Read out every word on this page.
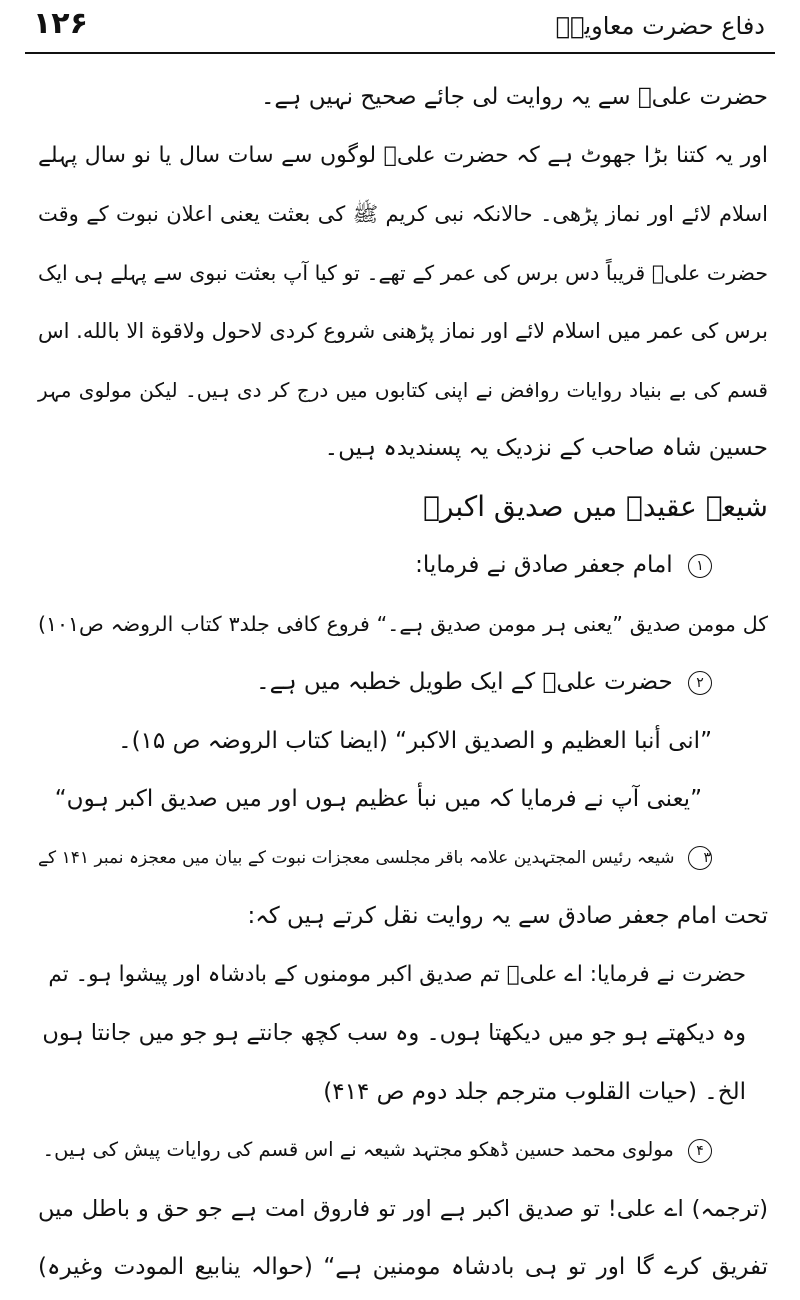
دفاع حضرت معاویہؓ
۱۲۶
حضرت علیؓ سے یہ روایت لی جائے صحیح نہیں ہے۔
اور یہ کتنا بڑا جھوٹ ہے کہ حضرت علیؓ لوگوں سے سات سال یا نو سال پہلے
اسلام لائے اور نماز پڑھی۔ حالانکہ نبی کریم ﷺ کی بعثت یعنی اعلان نبوت کے وقت
حضرت علیؓ قریباً دس برس کی عمر کے تھے۔ تو کیا آپ بعثت نبوی سے پہلے ہی ایک
برس کی عمر میں اسلام لائے اور نماز پڑھنی شروع کردی لاحول ولاقوة الا بالله. اس
قسم کی بے بنیاد روایات روافض نے اپنی کتابوں میں درج کر دی ہیں۔ لیکن مولوی مہر
حسین شاہ صاحب کے نزدیک یہ پسندیدہ ہیں۔
شیعہ عقیدہ میں صدیق اکبرؓ
۱ امام جعفر صادق نے فرمایا:
کل مومن صدیق ”یعنی ہر مومن صدیق ہے۔“ فروع کافی جلد۳ کتاب الروضہ ص۱۰۱)
۲ حضرت علیؓ کے ایک طویل خطبہ میں ہے۔
”انی أنبا العظیم و الصدیق الاکبر“ (ایضا کتاب الروضہ ص ۱۵)۔
”یعنی آپ نے فرمایا کہ میں نبأ عظیم ہوں اور میں صدیق اکبر ہوں“
۳ شیعہ رئیس المجتہدین علامہ باقر مجلسی معجزات نبوت کے بیان میں معجزہ نمبر ۱۴۱ کے
تحت امام جعفر صادق سے یہ روایت نقل کرتے ہیں کہ:
حضرت نے فرمایا: اے علیؓ تم صدیق اکبر مومنوں کے بادشاہ اور پیشوا ہو۔ تم
وہ دیکھتے ہو جو میں دیکھتا ہوں۔ وہ سب کچھ جانتے ہو جو میں جانتا ہوں
الخ۔ (حیات القلوب مترجم جلد دوم ص ۴۱۴)
۴ مولوی محمد حسین ڈھکو مجتہد شیعہ نے اس قسم کی روایات پیش کی ہیں۔
(ترجمہ) اے علی! تو صدیق اکبر ہے اور تو فاروق امت ہے جو حق و باطل میں
تفریق کرے گا اور تو ہی بادشاہ مومنین ہے“ (حوالہ ینابیع المودت وغیرہ)
